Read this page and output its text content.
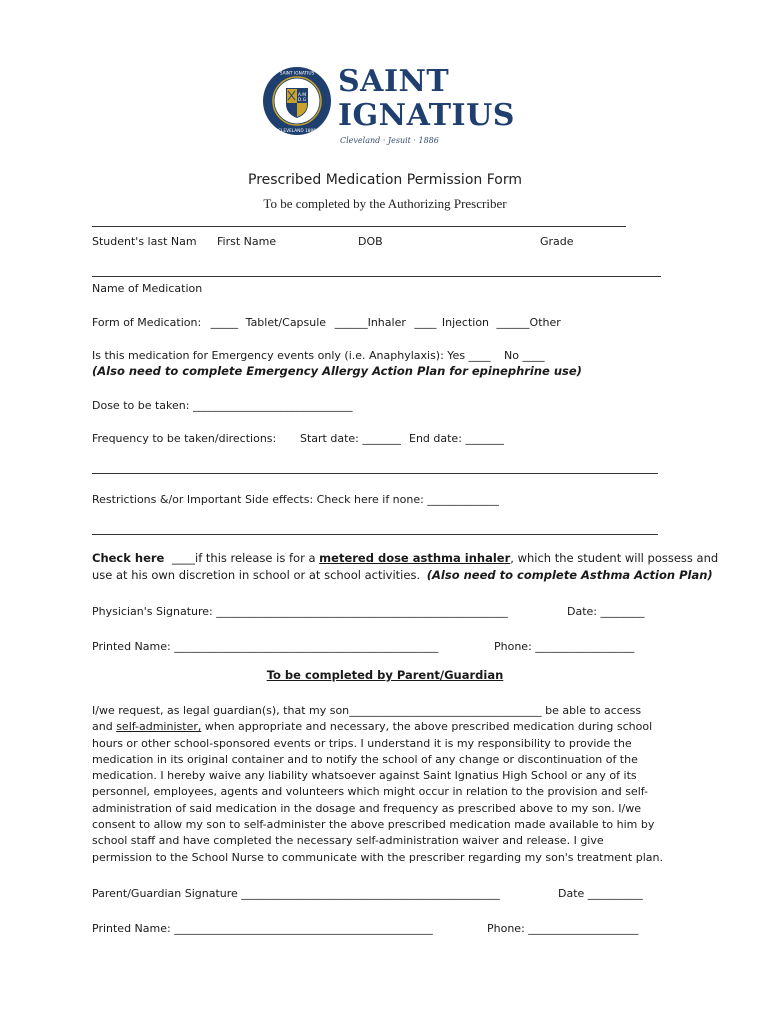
A.M
D.G
· SAINT IGNATIUS ·
CLEVELAND 1886
SAINT
IGNATIUS
Cleveland · Jesuit · 1886
Prescribed Medication Permission Form
To be completed by the Authorizing Prescriber
Student's last Nam First Name	DOB	Grade
Name of Medication
Form of Medication: _____ Tablet/Capsule ______Inhaler ____ Injection ______Other
Is this medication for Emergency events only (i.e. Anaphylaxis): Yes ____ No ____
(Also need to complete Emergency Allergy Action Plan for epinephrine use)
Dose to be taken: _____________________________
Frequency to be taken/directions: Start date: _______ End date: _______
Restrictions &/or Important Side effects: Check here if none: _____________
Check here ____if this release is for a metered dose asthma inhaler, which the student will possess and
use at his own discretion in school or at school activities. (Also need to complete Asthma Action Plan)
Physician's Signature: _____________________________________________________	Date: ________
Printed Name: ________________________________________________	Phone: __________________
To be completed by Parent/Guardian
I/we request, as legal guardian(s), that my son___________________________________ be able to access
and self-administer, when appropriate and necessary, the above prescribed medication during school
hours or other school-sponsored events or trips. I understand it is my responsibility to provide the
medication in its original container and to notify the school of any change or discontinuation of the
medication. I hereby waive any liability whatsoever against Saint Ignatius High School or any of its
personnel, employees, agents and volunteers which might occur in relation to the provision and self-
administration of said medication in the dosage and frequency as prescribed above to my son. I/we
consent to allow my son to self-administer the above prescribed medication made available to him by
school staff and have completed the necessary self-administration waiver and release. I give
permission to the School Nurse to communicate with the prescriber regarding my son's treatment plan.
Parent/Guardian Signature _______________________________________________	Date __________
Printed Name: _______________________________________________	Phone: ____________________
